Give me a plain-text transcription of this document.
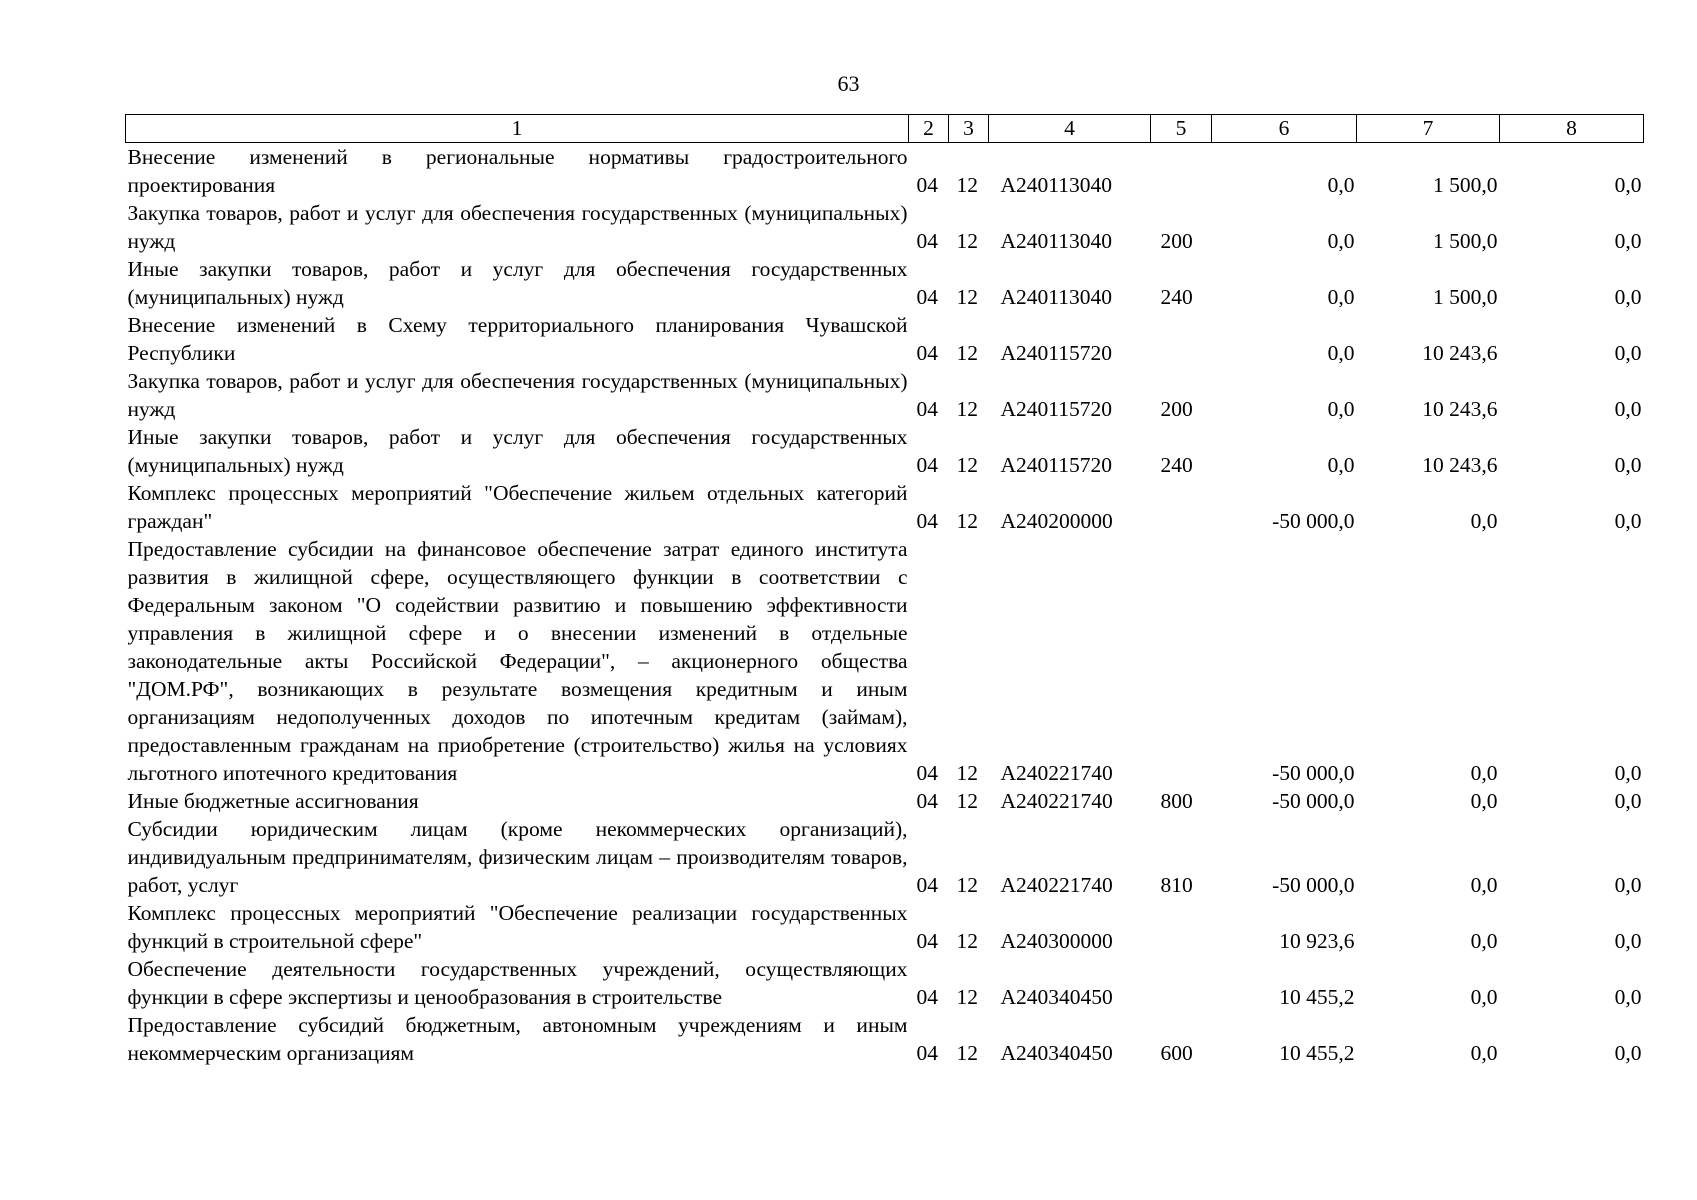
63
1	2	3	4	5	6	7	8
Внесение изменений в региональные нормативы градостроительного проектирования	04	12	А240113040		0,0	1 500,0	0,0
Закупка товаров, работ и услуг для обеспечения государственных (муниципальных) нужд	04	12	А240113040	200	0,0	1 500,0	0,0
Иные закупки товаров, работ и услуг для обеспечения государственных (муниципальных) нужд	04	12	А240113040	240	0,0	1 500,0	0,0
Внесение изменений в Схему территориального планирования Чувашской Республики	04	12	А240115720		0,0	10 243,6	0,0
Закупка товаров, работ и услуг для обеспечения государственных (муниципальных) нужд	04	12	А240115720	200	0,0	10 243,6	0,0
Иные закупки товаров, работ и услуг для обеспечения государственных (муниципальных) нужд	04	12	А240115720	240	0,0	10 243,6	0,0
Комплекс процессных мероприятий "Обеспечение жильем отдельных категорий граждан"	04	12	А240200000		-50 000,0	0,0	0,0
Предоставление субсидии на финансовое обеспечение затрат единого института развития в жилищной сфере, осуществляющего функции в соответствии с Федеральным законом "О содействии развитию и повышению эффективности управления в жилищной сфере и о внесении изменений в отдельные законодательные акты Российской Федерации", – акционерного общества "ДОМ.РФ", возникающих в результате возмещения кредитным и иным организациям недополученных доходов по ипотечным кредитам (займам), предоставленным гражданам на приобретение (строительство) жилья на условиях льготного ипотечного кредитования	04	12	А240221740		-50 000,0	0,0	0,0
Иные бюджетные ассигнования	04	12	А240221740	800	-50 000,0	0,0	0,0
Субсидии юридическим лицам (кроме некоммерческих организаций), индивидуальным предпринимателям, физическим лицам – производителям товаров, работ, услуг	04	12	А240221740	810	-50 000,0	0,0	0,0
Комплекс процессных мероприятий "Обеспечение реализации государственных функций в строительной сфере"	04	12	А240300000		10 923,6	0,0	0,0
Обеспечение деятельности государственных учреждений, осуществляющих функции в сфере экспертизы и ценообразования в строительстве	04	12	А240340450		10 455,2	0,0	0,0
Предоставление субсидий бюджетным, автономным учреждениям и иным некоммерческим организациям	04	12	А240340450	600	10 455,2	0,0	0,0
